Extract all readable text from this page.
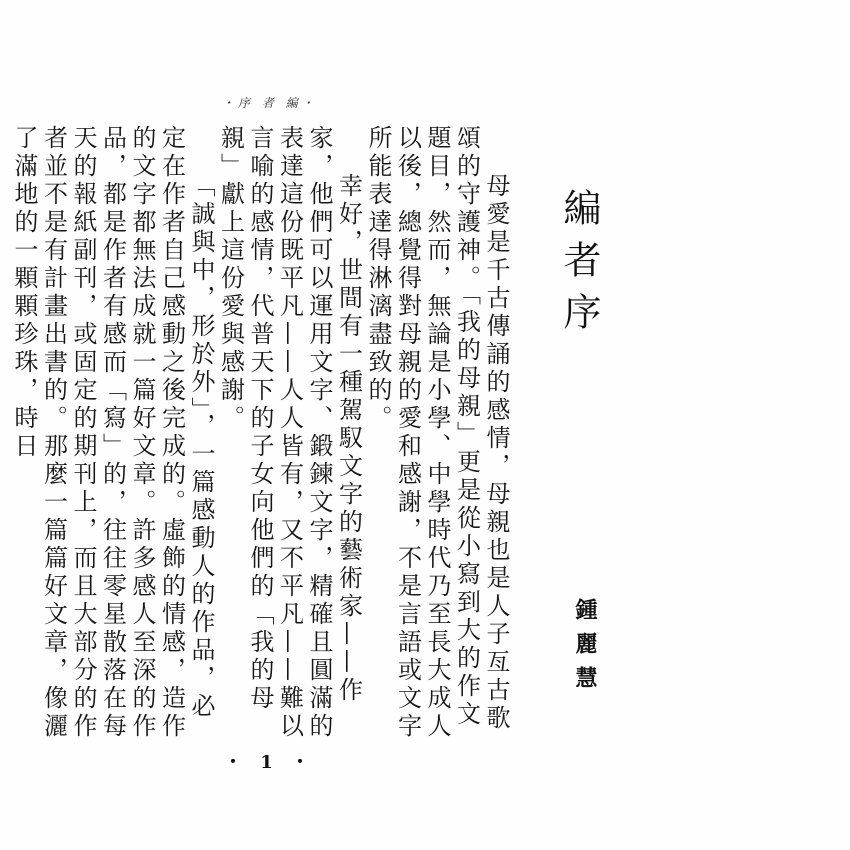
・序 者 編・
編者序
鍾麗慧

母愛是千古傳誦的感情，母親也是人子亙古歌頌的守護神。「我的母親」更是從小寫到大的作文題目，然而，無論是小學、中學時代乃至長大成人以後，總覺得對母親的愛和感謝，不是言語或文字所能表達得淋漓盡致的。

幸好，世間有一種駕馭文字的藝術家——作家，他們可以運用文字、鍛鍊文字，精確且圓滿的表達這份既平凡——人人皆有，又不平凡——難以言喻的感情，代普天下的子女向他們的「我的母親」獻上這份愛與感謝。

「誠與中，形於外」，一篇感動人的作品，必定在作者自己感動之後完成的。虛飾的情感，造作的文字都無法成就一篇好文章。許多感人至深的作品，都是作者有感而「寫」的，往往零星散落在每天的報紙副刊，或固定的期刊上，而且大部分的作者並不是有計畫出書的。那麼一篇篇好文章，像灑了滿地的一顆顆珍珠，時日

・ 1 ・
